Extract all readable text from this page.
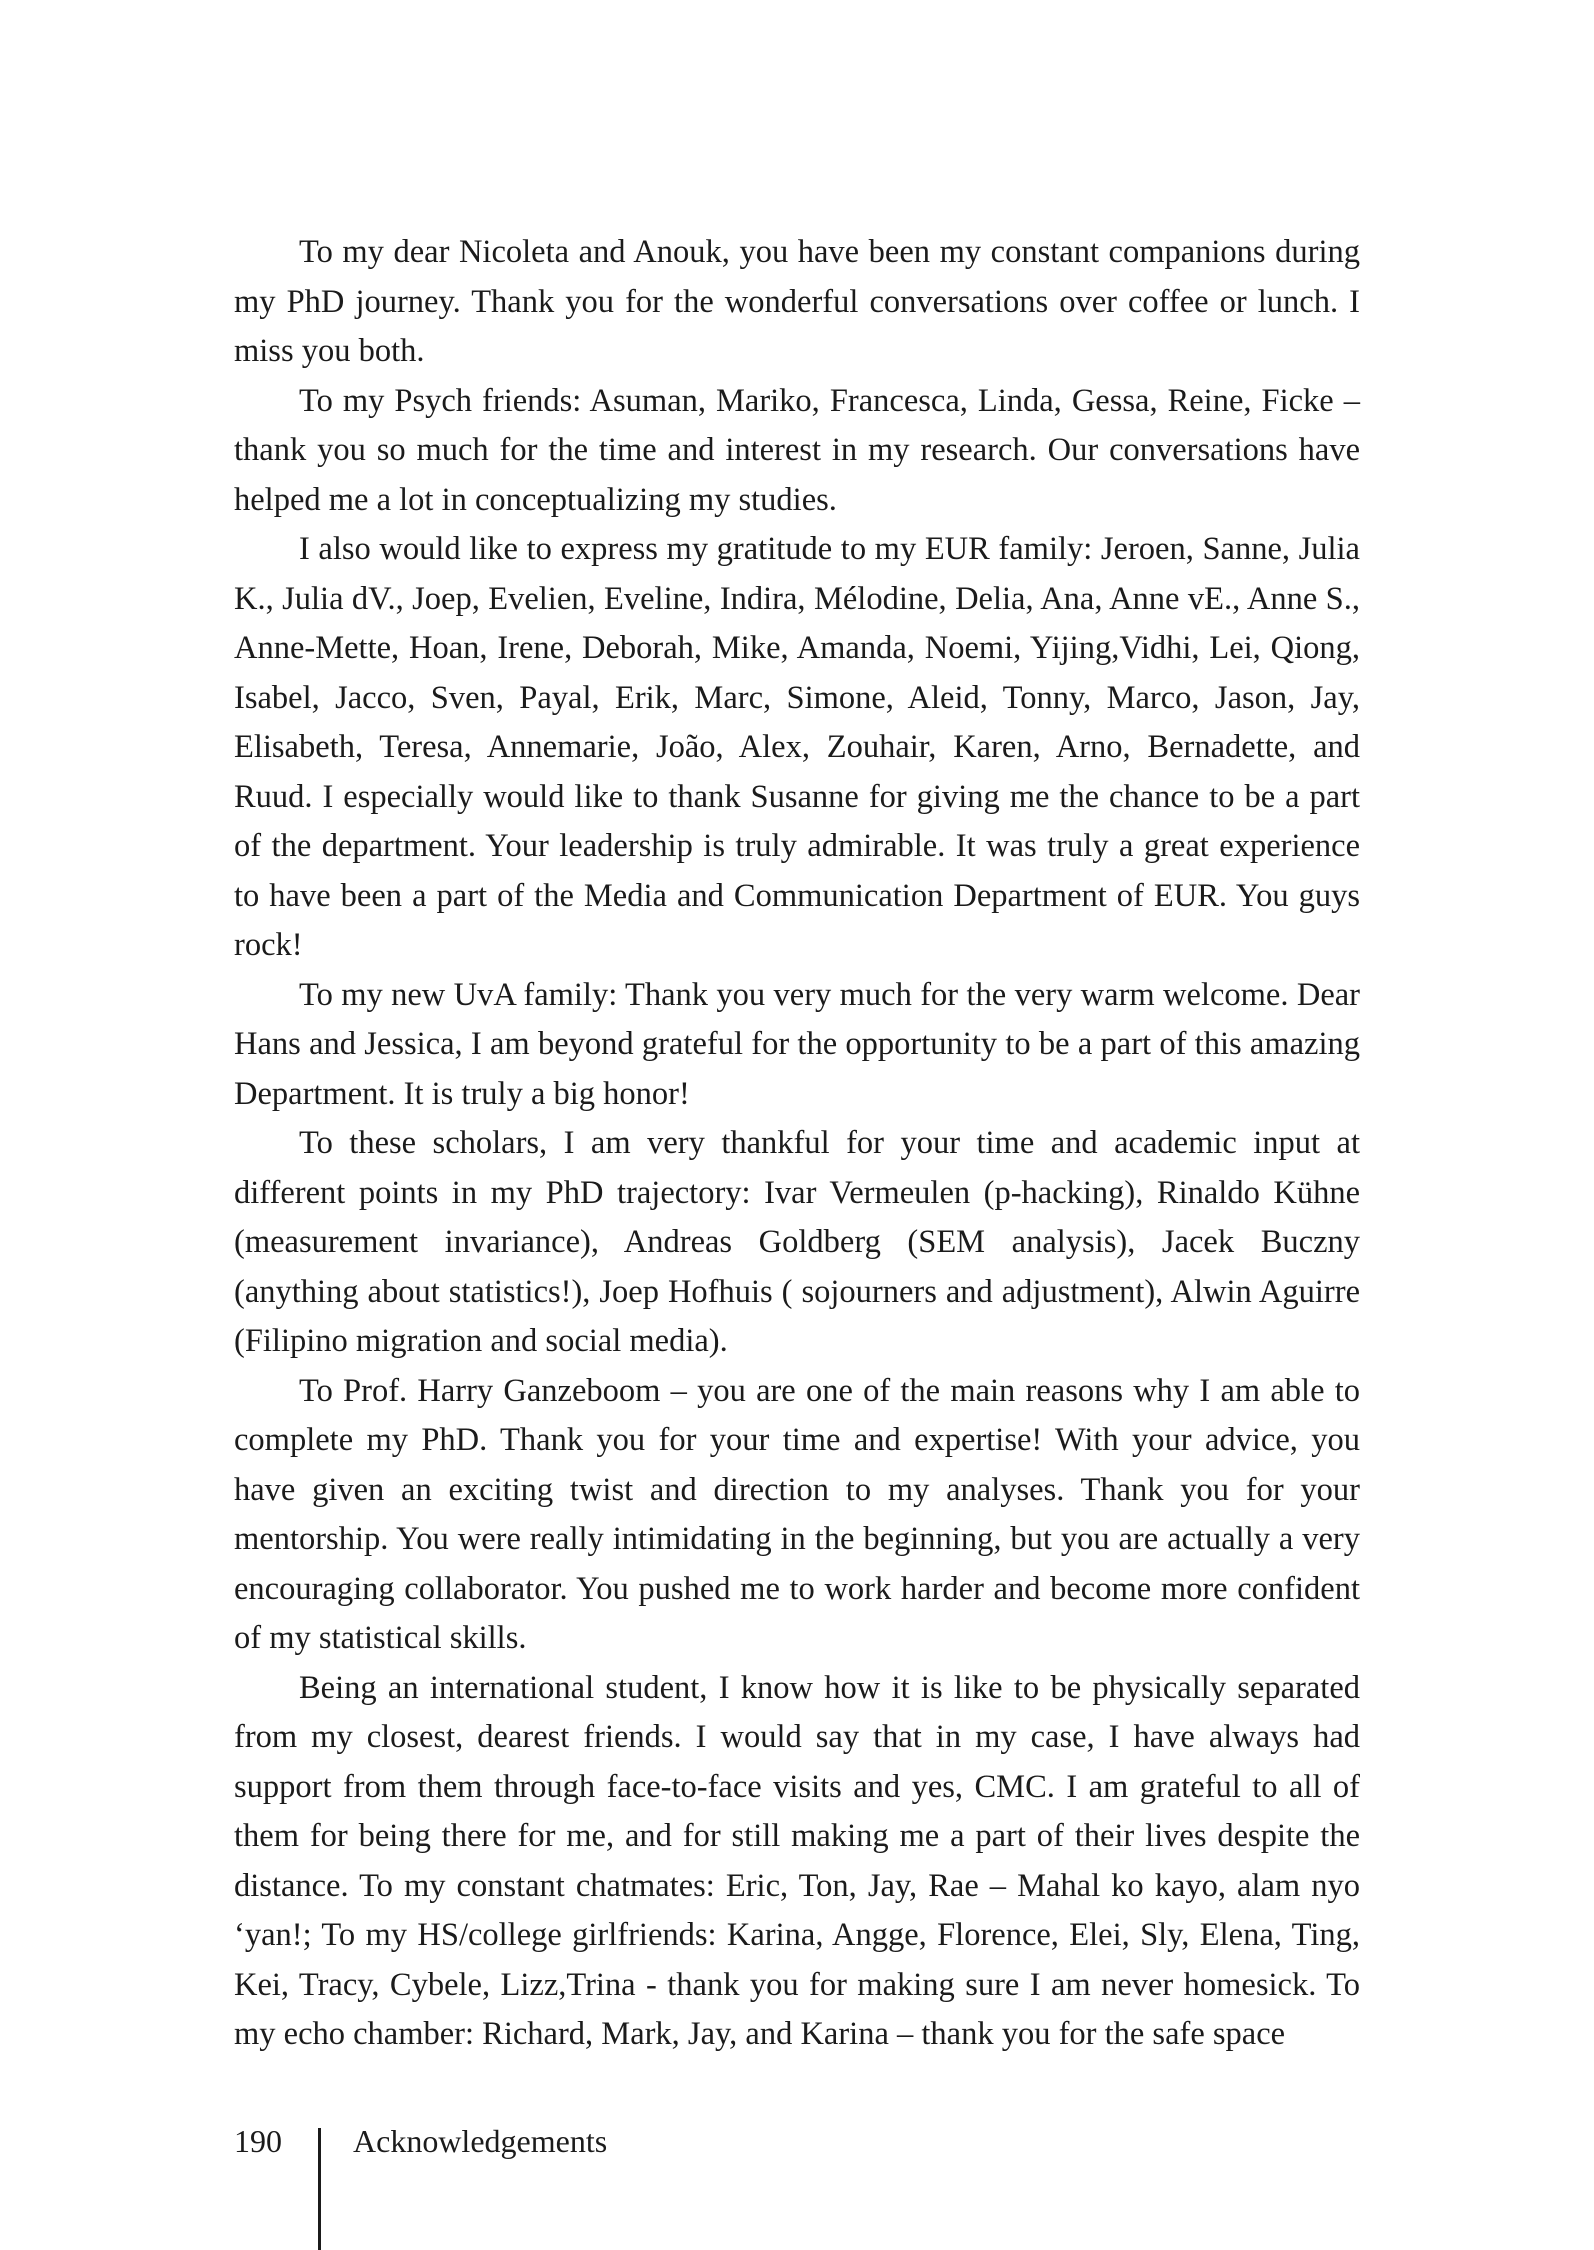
To my dear Nicoleta and Anouk, you have been my constant companions during my PhD journey. Thank you for the wonderful conversations over coffee or lunch. I miss you both.

To my Psych friends: Asuman, Mariko, Francesca, Linda, Gessa, Reine, Ficke – thank you so much for the time and interest in my research. Our conversations have helped me a lot in conceptualizing my studies.

I also would like to express my gratitude to my EUR family: Jeroen, Sanne, Julia K., Julia dV., Joep, Evelien, Eveline, Indira, Mélodine, Delia, Ana, Anne vE., Anne S., Anne-Mette, Hoan, Irene, Deborah, Mike, Amanda, Noemi, Yijing,Vidhi, Lei, Qiong, Isabel, Jacco, Sven, Payal, Erik, Marc, Simone, Aleid, Tonny, Marco, Jason, Jay, Elisabeth, Teresa, Annemarie, João, Alex, Zouhair, Karen, Arno, Bernadette, and Ruud. I especially would like to thank Susanne for giving me the chance to be a part of the department. Your leadership is truly admirable. It was truly a great experience to have been a part of the Media and Communication Department of EUR. You guys rock!

To my new UvA family: Thank you very much for the very warm welcome. Dear Hans and Jessica, I am beyond grateful for the opportunity to be a part of this amazing Department. It is truly a big honor!

To these scholars, I am very thankful for your time and academic input at different points in my PhD trajectory: Ivar Vermeulen (p-hacking), Rinaldo Kühne (measurement invariance), Andreas Goldberg (SEM analysis), Jacek Buczny (anything about statistics!), Joep Hofhuis ( sojourners and adjustment), Alwin Aguirre (Filipino migration and social media).

To Prof. Harry Ganzeboom – you are one of the main reasons why I am able to complete my PhD. Thank you for your time and expertise! With your advice, you have given an exciting twist and direction to my analyses. Thank you for your mentorship. You were really intimidating in the beginning, but you are actually a very encouraging collaborator. You pushed me to work harder and become more confident of my statistical skills.

Being an international student, I know how it is like to be physically separated from my closest, dearest friends. I would say that in my case, I have always had support from them through face-to-face visits and yes, CMC. I am grateful to all of them for being there for me, and for still making me a part of their lives despite the distance. To my constant chatmates: Eric, Ton, Jay, Rae – Mahal ko kayo, alam nyo ‘yan!; To my HS/college girlfriends: Karina, Angge, Florence, Elei, Sly, Elena, Ting, Kei, Tracy, Cybele, Lizz,Trina - thank you for making sure I am never homesick. To my echo chamber: Richard, Mark, Jay, and Karina – thank you for the safe space

190 Acknowledgements
